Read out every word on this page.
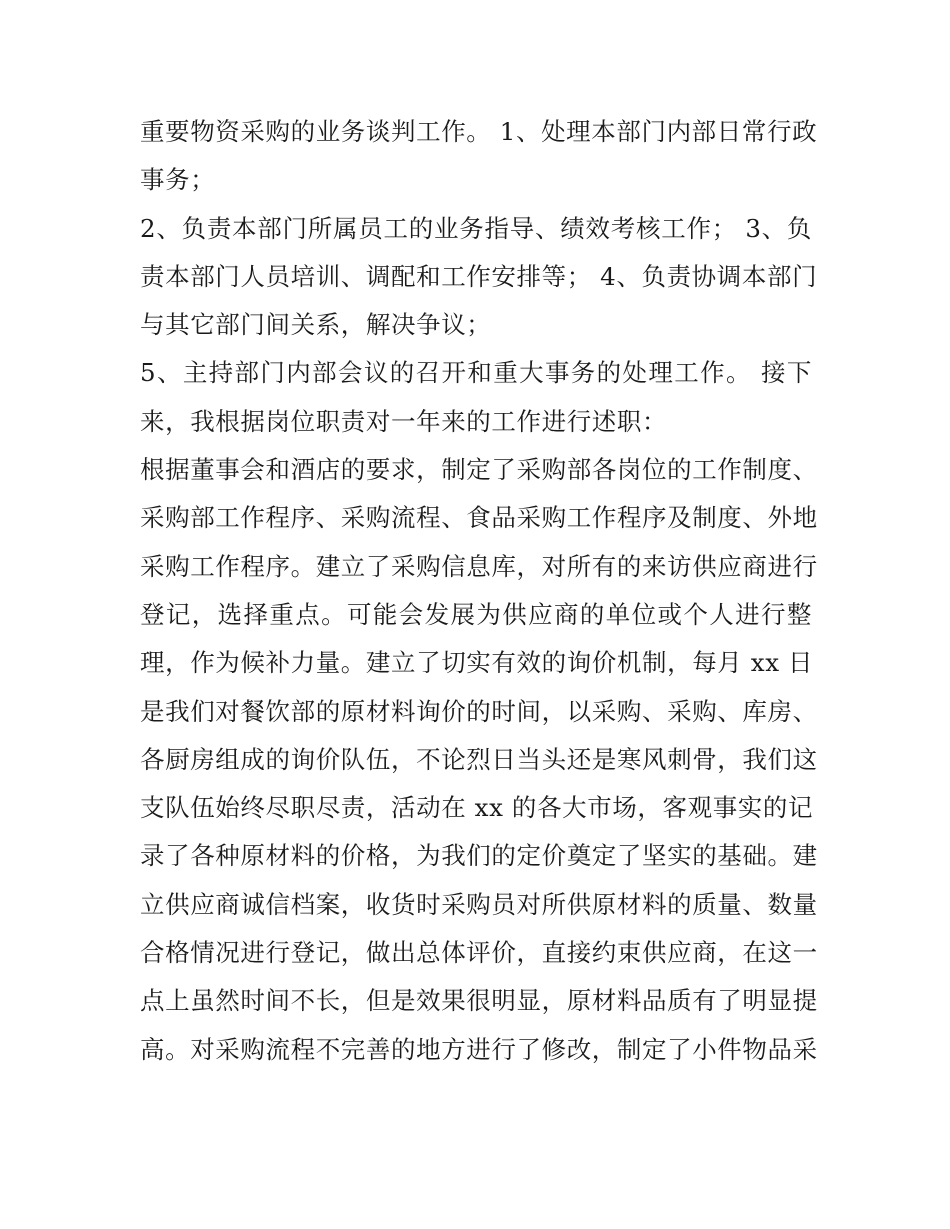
重要物资采购的业务谈判工作。 1、处理本部门内部日常行政
事务；
2、负责本部门所属员工的业务指导、绩效考核工作； 3、负
责本部门人员培训、调配和工作安排等； 4、负责协调本部门
与其它部门间关系，解决争议；
5、主持部门内部会议的召开和重大事务的处理工作。 接下
来，我根据岗位职责对一年来的工作进行述职：
根据董事会和酒店的要求，制定了采购部各岗位的工作制度、
采购部工作程序、采购流程、食品采购工作程序及制度、外地
采购工作程序。建立了采购信息库，对所有的来访供应商进行
登记，选择重点。可能会发展为供应商的单位或个人进行整
理，作为候补力量。建立了切实有效的询价机制，每月 xx 日
是我们对餐饮部的原材料询价的时间，以采购、采购、库房、
各厨房组成的询价队伍，不论烈日当头还是寒风刺骨，我们这
支队伍始终尽职尽责，活动在 xx 的各大市场，客观事实的记
录了各种原材料的价格，为我们的定价奠定了坚实的基础。建
立供应商诚信档案，收货时采购员对所供原材料的质量、数量
合格情况进行登记，做出总体评价，直接约束供应商，在这一
点上虽然时间不长，但是效果很明显，原材料品质有了明显提
高。对采购流程不完善的地方进行了修改，制定了小件物品采
